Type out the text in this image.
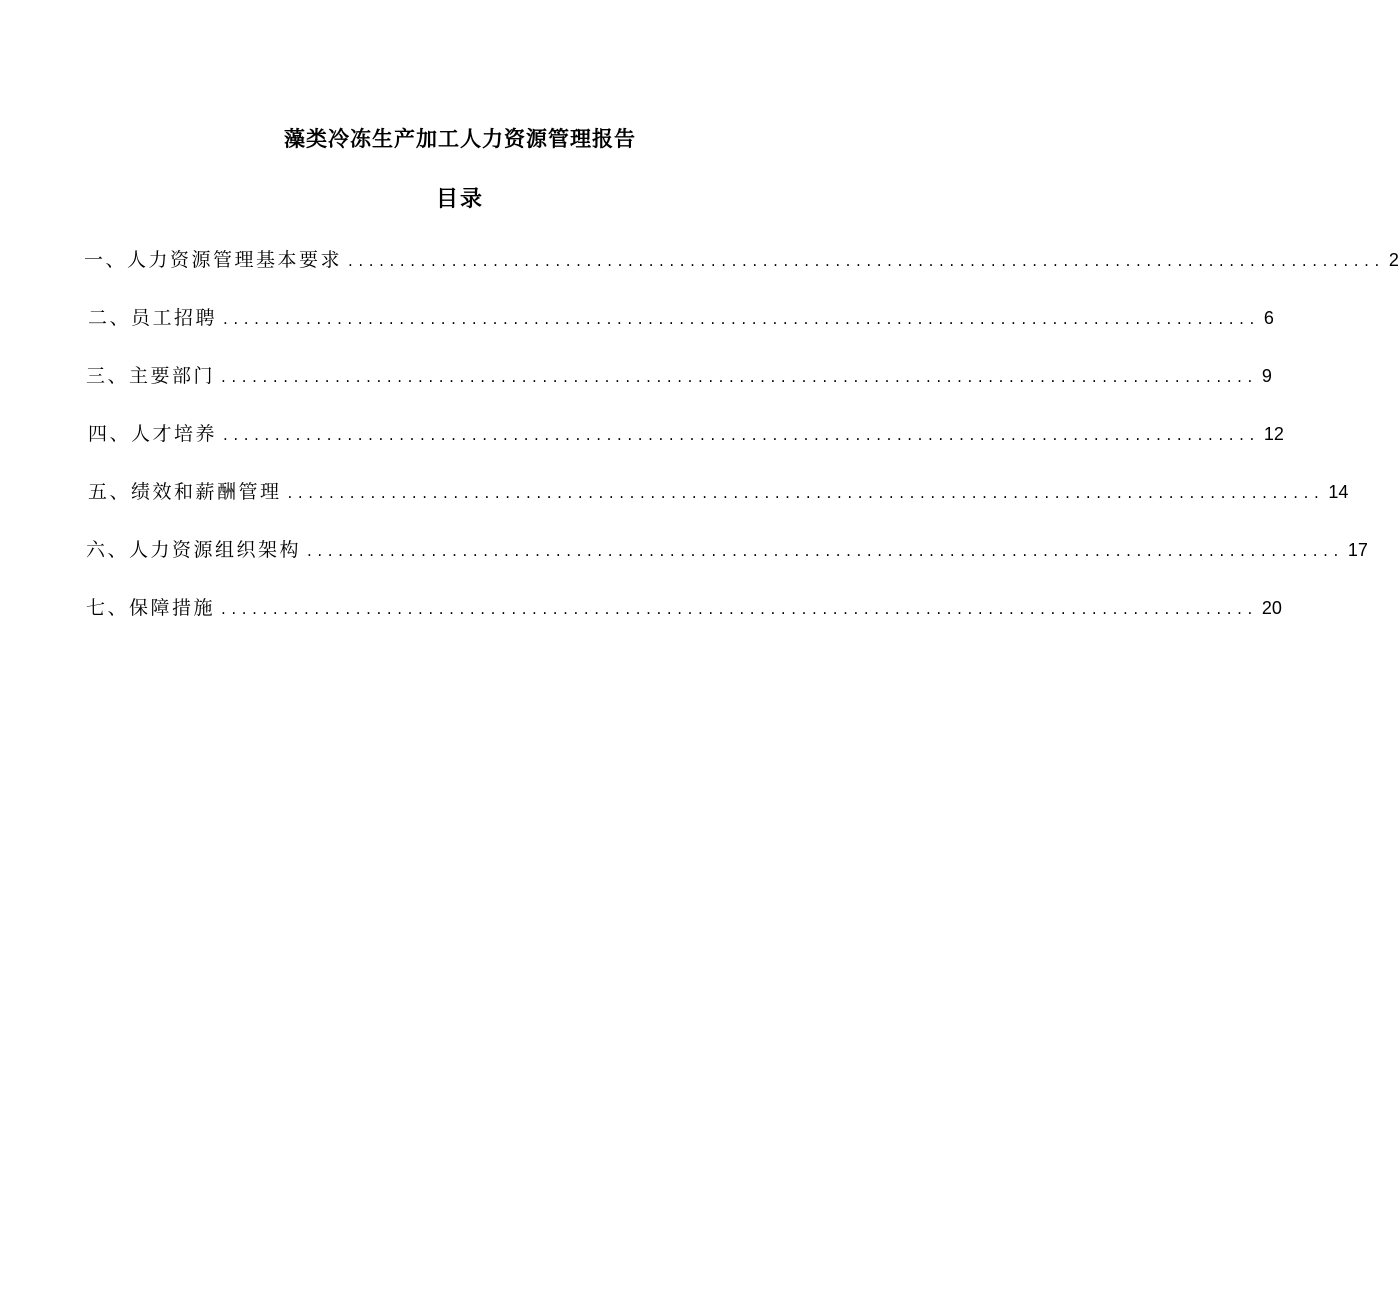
藻类冷冻生产加工人力资源管理报告
目录
一、人力资源管理基本要求 .................................................................................................... 2
二、员工招聘 .................................................................................................... 6
三、主要部门 .................................................................................................... 9
四、人才培养 .................................................................................................... 12
五、绩效和薪酬管理 .................................................................................................... 14
六、人力资源组织架构 .................................................................................................... 17
七、保障措施 .................................................................................................... 20
